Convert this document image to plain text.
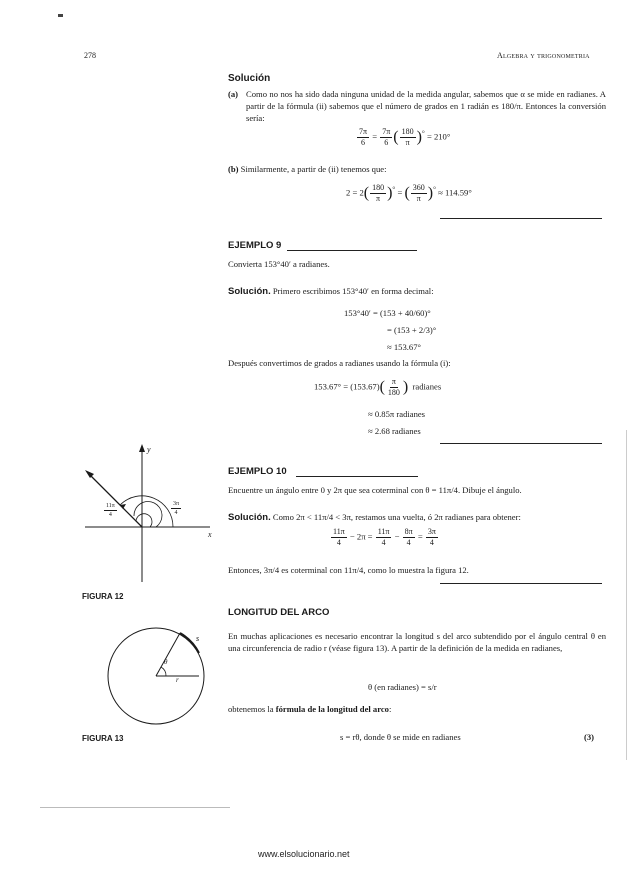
278	Algebra y trigonometria
Solución
(a) Como no nos ha sido dada ninguna unidad de la medida angular, sabemos que α se mide en radianes. A partir de la fórmula (ii) sabemos que el número de grados en 1 radián es 180/π. Entonces la conversión sería:
$\frac{7\pi}{6} = \frac{7\pi}{6}$ ( $\frac{180}{\pi} )^\circ = 210^\circ$
(b) Similarmente, a partir de (ii) tenemos que:
$2 = 2( \frac{180}{\pi} )^\circ$ = ( $\frac{360}{\pi} )^\circ \approx 114.59^\circ$
EJEMPLO 9
Convierta 153°40′ a radianes.
Solución. Primero escribimos 153°40′ en forma decimal:
153°40′ = (153 + 40/60)°
= (153 + 2/3)°
≈ 153.67°
Después convertimos de grados a radianes usando la fórmula (i):
$153.67^\circ = (153.67)( \frac{\pi}{180}$ ) radianes
≈ 0.85π radianes
≈ 2.68 radianes
EJEMPLO 10
Encuentre un ángulo entre 0 y 2π que sea coterminal con θ = 11π/4. Dibuje el ángulo.
Solución. Como 2π < 11π/4 < 3π, restamos una vuelta, ó 2π radianes para obtener:
$\frac{11\pi}{4} - 2\pi = \frac{11\pi}{4} - \frac{8\pi}{4} = \frac{3\pi}{4}$
Entonces, 3π/4 es coterminal con 11π/4, como lo muestra la figura 12.
y
x
$\frac{11\pi}{4}$	$\frac{3\pi}{4}$
FIGURA 12
LONGITUD DEL ARCO
En muchas aplicaciones es necesario encontrar la longitud s del arco subtendido por el ángulo central θ en una circunferencia de radio r (véase figura 13). A partir de la definición de la medida en radianes,
θ (en radianes) = s/r
obtenemos la fórmula de la longitud del arco:
s = rθ, donde θ se mide en radianes	(3)
s
θ
r
FIGURA 13
www.elsolucionario.net
